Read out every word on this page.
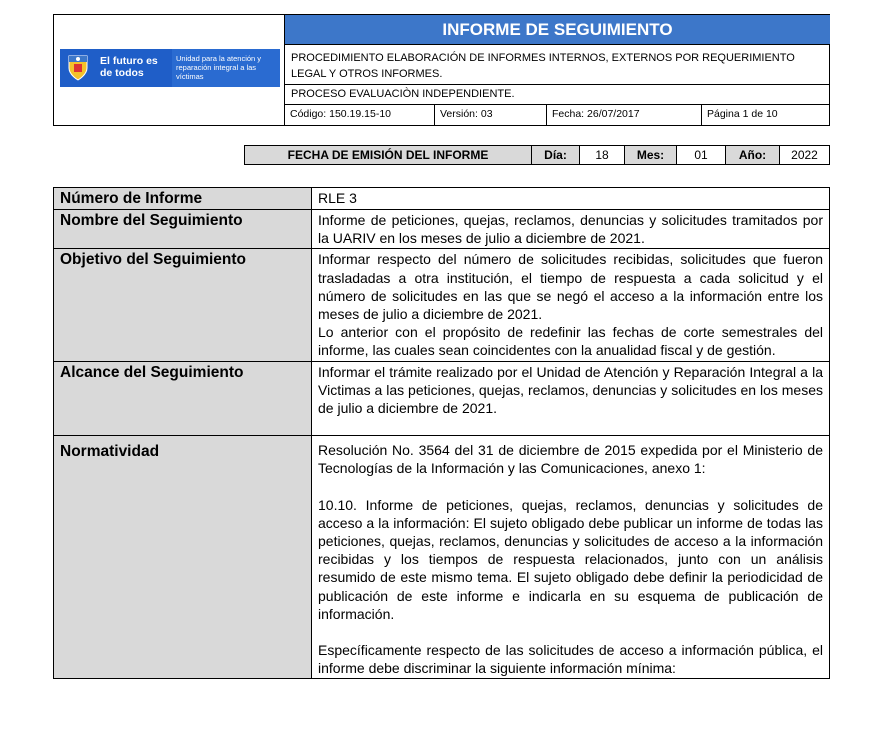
El futuro es de todos
Unidad para la atención y reparación integral a las víctimas
INFORME DE SEGUIMIENTO
PROCEDIMIENTO ELABORACIÓN DE INFORMES INTERNOS, EXTERNOS POR REQUERIMIENTO LEGAL Y OTROS INFORMES.
PROCESO EVALUACIÒN INDEPENDIENTE.
Código: 150.19.15-10	Versión: 03	Fecha: 26/07/2017	Página 1 de 10
FECHA DE EMISIÓN DEL INFORME	Día:	18	Mes:	01	Año:	2022
Número de Informe	RLE 3

Nombre del Seguimiento	Informe de peticiones, quejas, reclamos, denuncias y solicitudes tramitados por la UARIV en los meses de julio a diciembre de 2021.

Objetivo del Seguimiento	Informar respecto del número de solicitudes recibidas, solicitudes que fueron trasladadas a otra institución, el tiempo de respuesta a cada solicitud y el número de solicitudes en las que se negó el acceso a la información entre los meses de julio a diciembre de 2021.

Lo anterior con el propósito de redefinir las fechas de corte semestrales del informe, las cuales sean coincidentes con la anualidad fiscal y de gestión.

Alcance del Seguimiento	Informar el trámite realizado por el Unidad de Atención y Reparación Integral a la Victimas a las peticiones, quejas, reclamos, denuncias y solicitudes en los meses de julio a diciembre de 2021.

Normatividad	Resolución No. 3564 del 31 de diciembre de 2015 expedida por el Ministerio de Tecnologías de la Información y las Comunicaciones, anexo 1:

10.10. Informe de peticiones, quejas, reclamos, denuncias y solicitudes de acceso a la información: El sujeto obligado debe publicar un informe de todas las peticiones, quejas, reclamos, denuncias y solicitudes de acceso a la información recibidas y los tiempos de respuesta relacionados, junto con un análisis resumido de este mismo tema. El sujeto obligado debe definir la periodicidad de publicación de este informe e indicarla en su esquema de publicación de información.

Específicamente respecto de las solicitudes de acceso a información pública, el informe debe discriminar la siguiente información mínima:
